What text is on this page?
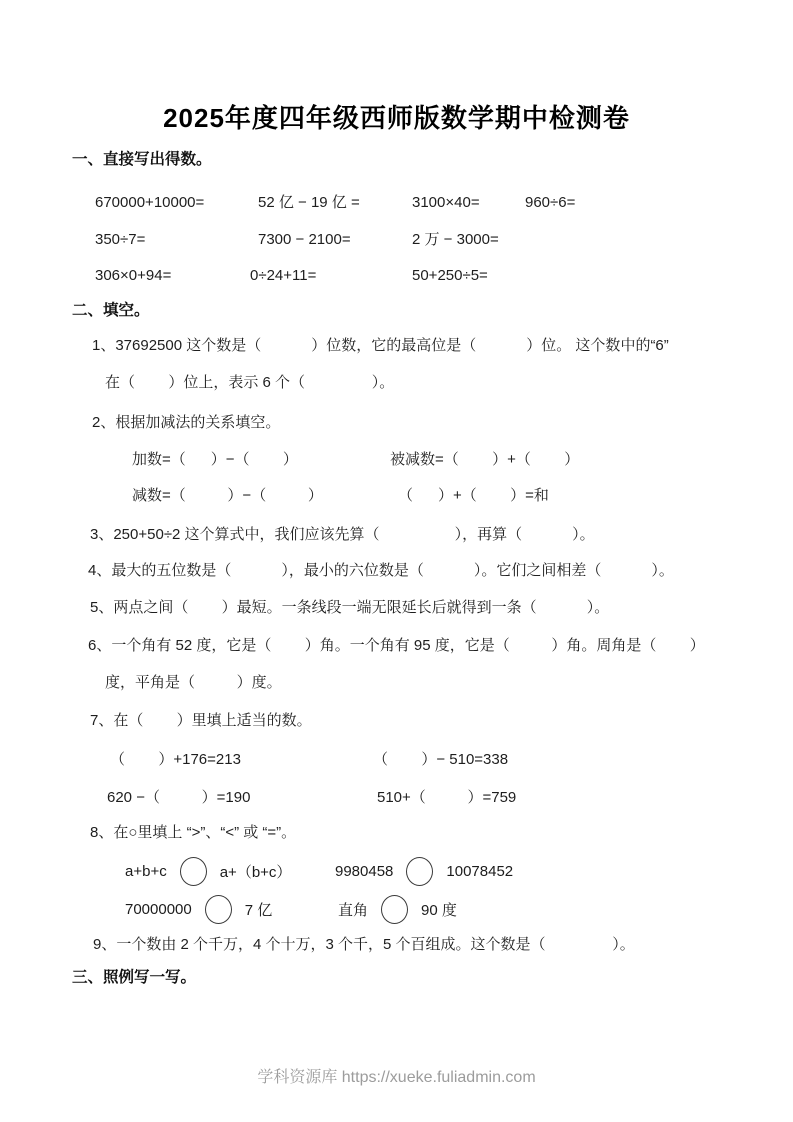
2025年度四年级西师版数学期中检测卷
一、直接写出得数。
670000+10000=	52 亿 − 19 亿 =	3100×40=	960÷6=
350÷7=	7300 − 2100=	2 万 − 3000=
306×0+94=	0÷24+11=	50+250÷5=
二、填空。
1、37692500 这个数是（            ）位数，它的最高位是（            ）位。 这个数中的“6”
在（        ）位上，表示 6 个（                ）。
2、根据加减法的关系填空。
加数=（      ）−（        ）	被减数=（        ）+（        ）
减数=（          ）−（          ）	（      ）+（        ）=和
3、250+50÷2 这个算式中，我们应该先算（                  ），再算（            ）。
4、最大的五位数是（            ），最小的六位数是（            ）。它们之间相差（            ）。
5、两点之间（        ）最短。一条线段一端无限延长后就得到一条（            ）。
6、一个角有 52 度，它是（        ）角。一个角有 95 度，它是（          ）角。周角是（        ）
度，平角是（          ）度。
7、在（        ）里填上适当的数。
（        ）+176=213	（        ）− 510=338
620 −（          ）=190	510+（          ）=759
8、在○里填上 “>”、“<” 或 “=”。
a+b+c	a+（b+c）	9980458	10078452
70000000	7 亿	直角	90 度
9、一个数由 2 个千万，4 个十万，3 个千，5 个百组成。这个数是（                ）。
三、照例写一写。
学科资源库 https://xueke.fuliadmin.com
